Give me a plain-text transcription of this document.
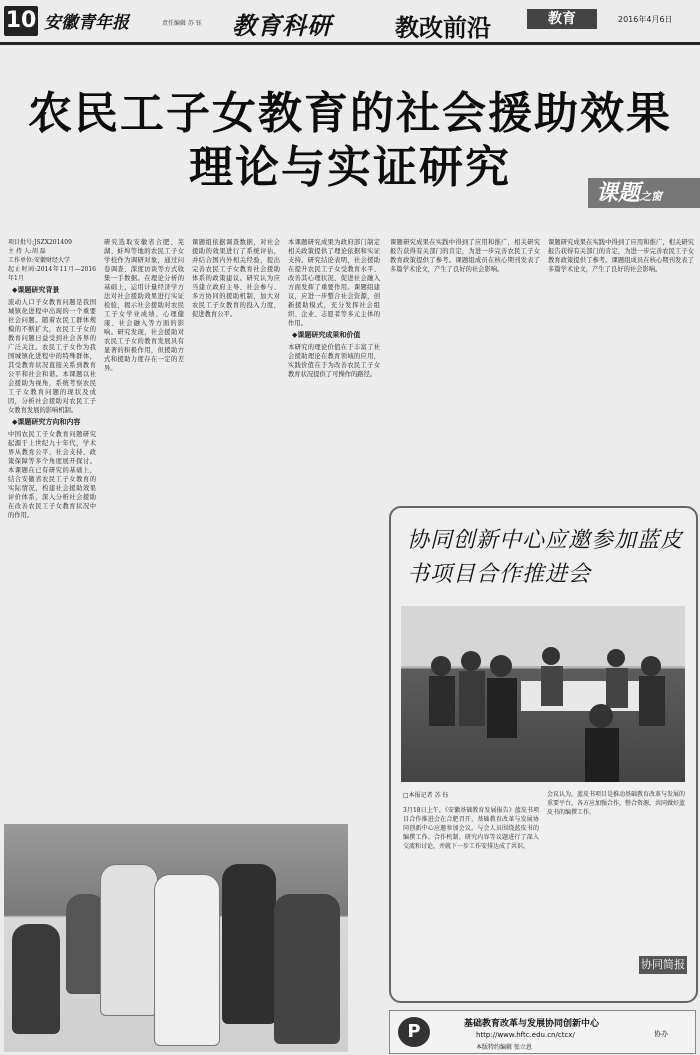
10 安徽青年报	责任编辑 苏 钰 教育科研	教改前沿	教育	2016年4月6日
农民工子女教育的社会援助效果
理论与实证研究	课题之窗
项目批号:JSZX201409
主 持 人:胡 磊
工作单位:安徽财经大学
起止时间:2014年11月—2016年1月
◆课题研究背景
流动人口子女教育问题是我国城镇化进程中出现的一个重要社会问题。随着农民工群体规模的不断扩大，农民工子女的教育问题日益受到社会各界的广泛关注。农民工子女作为我国城镇化进程中的特殊群体，其受教育状况直接关系到教育公平和社会和谐。本课题以社会援助为视角，系统考察农民工子女教育问题的现状及成因，分析社会援助对农民工子女教育发展的影响机制。
◆课题研究方向和内容
中国农民工子女教育问题研究起源于上世纪九十年代，学术界从教育公平、社会支持、政策保障等多个角度展开探讨。本课题在已有研究的基础上，结合安徽省农民工子女教育的实际情况，构建社会援助效果评价体系，深入分析社会援助在改善农民工子女教育状况中的作用。
研究选取安徽省合肥、芜湖、蚌埠等地的农民工子女学校作为调研对象，通过问卷调查、深度访谈等方式收集一手数据。在理论分析的基础上，运用计量经济学方法对社会援助效果进行实证检验，揭示社会援助对农民工子女学业成绩、心理健康、社会融入等方面的影响。研究发现，社会援助对农民工子女的教育发展具有显著的积极作用，但援助方式和援助力度存在一定的差异。
课题组依据调查数据，对社会援助的效果进行了系统评估，并结合国内外相关经验，提出完善农民工子女教育社会援助体系的政策建议。研究认为应当建立政府主导、社会参与、多方协同的援助机制，加大对农民工子女教育的投入力度，促进教育公平。
本课题研究成果为政府部门制定相关政策提供了理论依据和实证支持。研究结论表明，社会援助在提升农民工子女受教育水平、改善其心理状况、促进社会融入方面发挥了重要作用。课题组建议，应进一步整合社会资源，创新援助模式，充分发挥社会组织、企业、志愿者等多元主体的作用。
◆课题研究成果和价值
本研究的理论价值在于丰富了社会援助理论在教育领域的应用，实践价值在于为改善农民工子女教育状况提供了可操作的路径。
课题研究成果在实践中得到了应用和推广，相关研究报告获得有关部门的肯定，为进一步完善农民工子女教育政策提供了参考。课题组成员在核心期刊发表了多篇学术论文，产生了良好的社会影响。
课题研究成果在实践中得到了应用和推广，相关研究报告获得有关部门的肯定，为进一步完善农民工子女教育政策提供了参考。课题组成员在核心期刊发表了多篇学术论文，产生了良好的社会影响。
协同创新中心应邀参加蓝皮书项目合作推进会
□本报记者 苏 钰
3月18日上午，《安徽基础教育发展报告》蓝皮书项目合作推进会在合肥召开，基础教育改革与发展协同创新中心应邀参加会议。与会人员围绕蓝皮书的编撰工作、合作机制、研究内容等议题进行了深入交流和讨论，并就下一步工作安排达成了共识。
会议认为，蓝皮书项目是推动基础教育改革与发展的重要平台，各方应加强合作，整合资源，共同做好蓝皮书的编撰工作。
协同简报
P	基础教育改革与发展协同创新中心
http://www.hftc.edu.cn/ctcx/
本版特约编辑 张立恩
协办
